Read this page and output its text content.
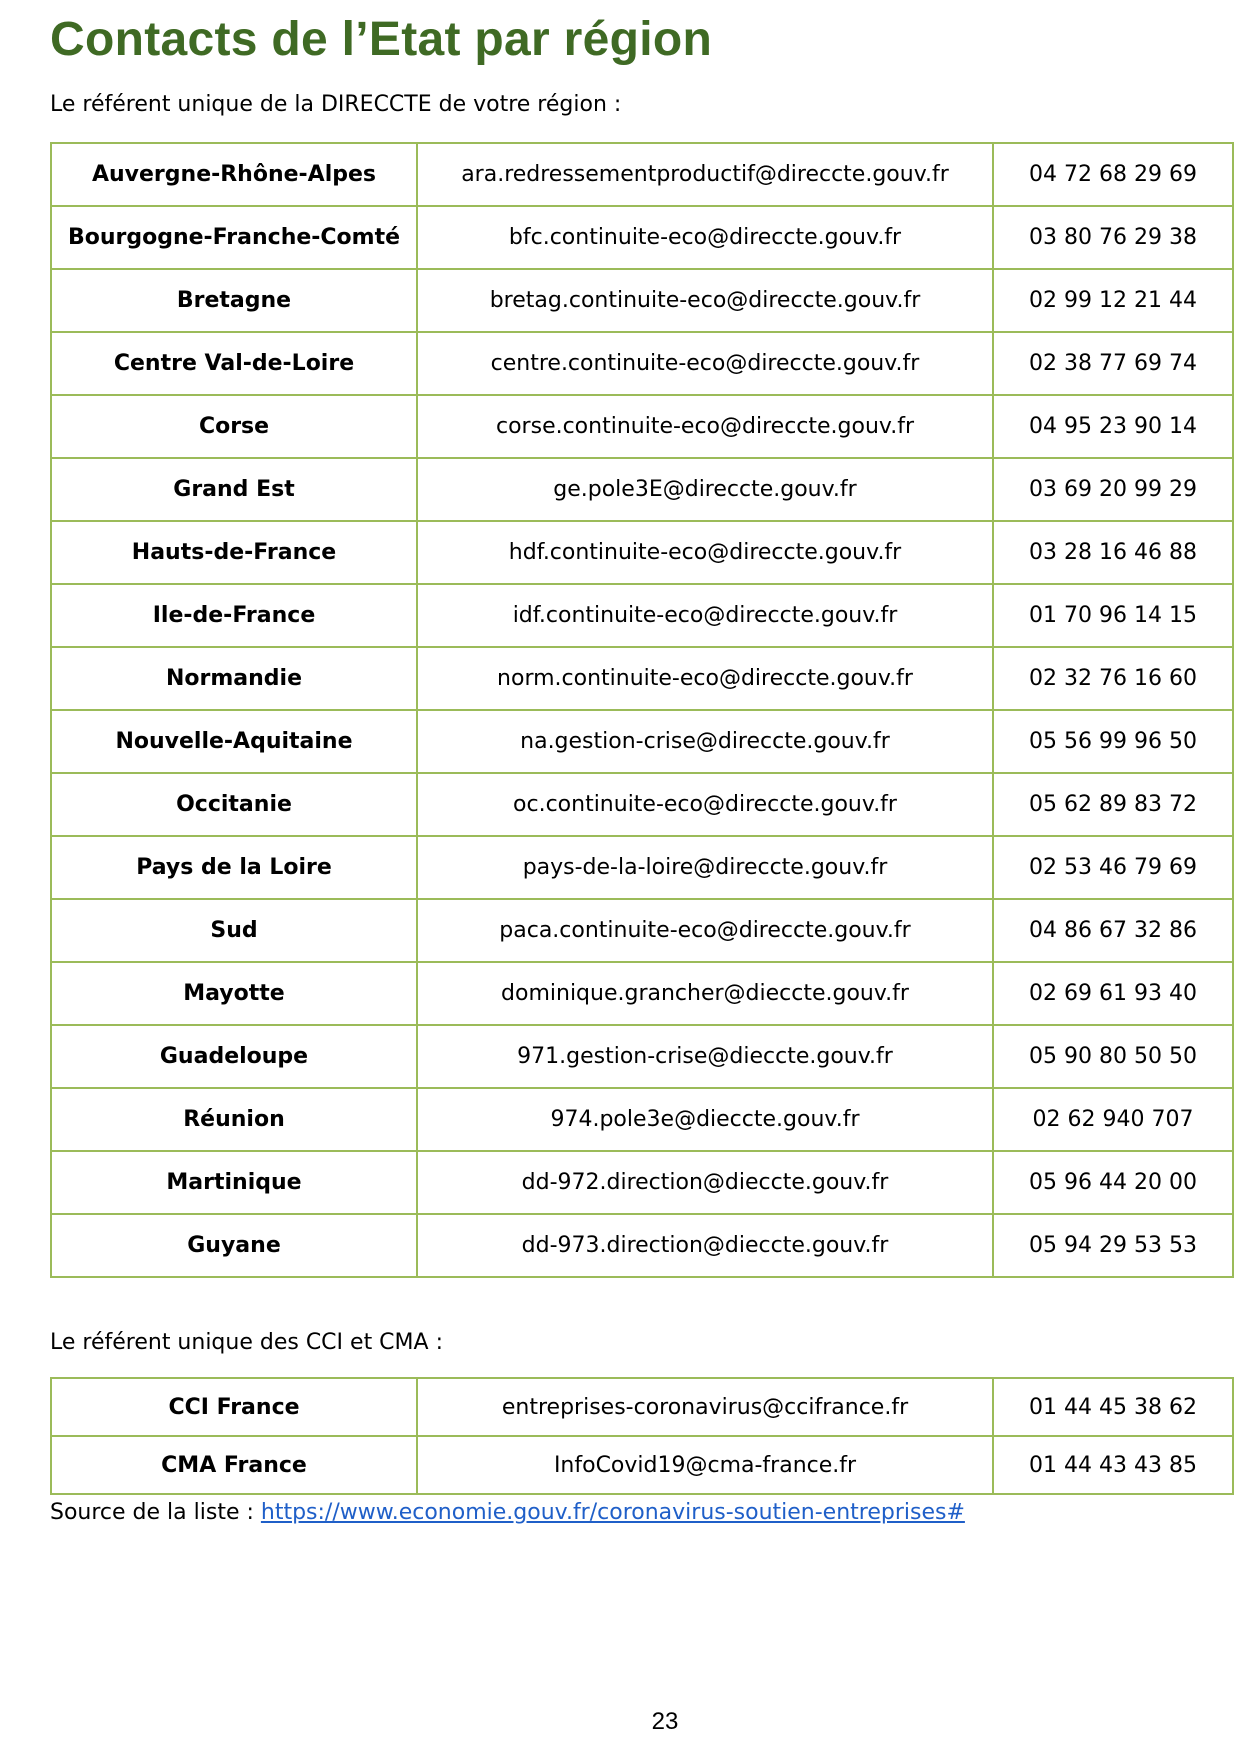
Contacts de l’Etat par région

Le référent unique de la DIRECCTE de votre région :

Auvergne-Rhône-Alpes	ara.redressementproductif@direccte.gouv.fr	04 72 68 29 69
Bourgogne-Franche-Comté	bfc.continuite-eco@direccte.gouv.fr	03 80 76 29 38
Bretagne	bretag.continuite-eco@direccte.gouv.fr	02 99 12 21 44
Centre Val-de-Loire	centre.continuite-eco@direccte.gouv.fr	02 38 77 69 74
Corse	corse.continuite-eco@direccte.gouv.fr	04 95 23 90 14
Grand Est	ge.pole3E@direccte.gouv.fr	03 69 20 99 29
Hauts-de-France	hdf.continuite-eco@direccte.gouv.fr	03 28 16 46 88
Ile-de-France	idf.continuite-eco@direccte.gouv.fr	01 70 96 14 15
Normandie	norm.continuite-eco@direccte.gouv.fr	02 32 76 16 60
Nouvelle-Aquitaine	na.gestion-crise@direccte.gouv.fr	05 56 99 96 50
Occitanie	oc.continuite-eco@direccte.gouv.fr	05 62 89 83 72
Pays de la Loire	pays-de-la-loire@direccte.gouv.fr	02 53 46 79 69
Sud	paca.continuite-eco@direccte.gouv.fr	04 86 67 32 86
Mayotte	dominique.grancher@dieccte.gouv.fr	02 69 61 93 40
Guadeloupe	971.gestion-crise@dieccte.gouv.fr	05 90 80 50 50
Réunion	974.pole3e@dieccte.gouv.fr	02 62 940 707
Martinique	dd-972.direction@dieccte.gouv.fr	05 96 44 20 00
Guyane	dd-973.direction@dieccte.gouv.fr	05 94 29 53 53

Le référent unique des CCI et CMA :

CCI France	entreprises-coronavirus@ccifrance.fr	01 44 45 38 62
CMA France	InfoCovid19@cma-france.fr	01 44 43 43 85

Source de la liste : https://www.economie.gouv.fr/coronavirus-soutien-entreprises#

23
